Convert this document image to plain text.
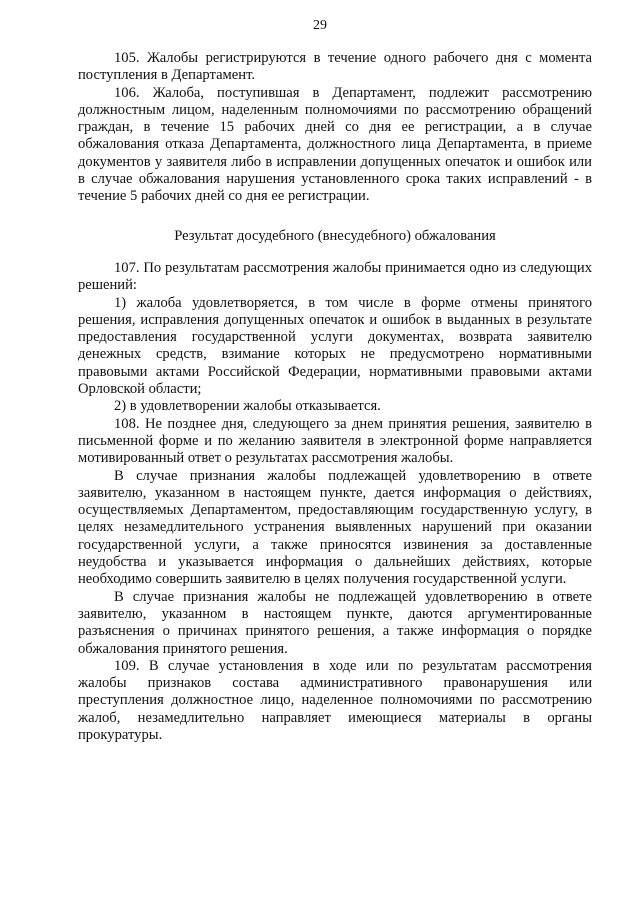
29

105. Жалобы регистрируются в течение одного рабочего дня с момента поступления в Департамент.

106. Жалоба, поступившая в Департамент, подлежит рассмотрению должностным лицом, наделенным полномочиями по рассмотрению обращений граждан, в течение 15 рабочих дней со дня ее регистрации, а в случае обжалования отказа Департамента, должностного лица Департамента, в приеме документов у заявителя либо в исправлении допущенных опечаток и ошибок или в случае обжалования нарушения установленного срока таких исправлений - в течение 5 рабочих дней со дня ее регистрации.

Результат досудебного (внесудебного) обжалования

107. По результатам рассмотрения жалобы принимается одно из следующих решений:

1) жалоба удовлетворяется, в том числе в форме отмены принятого решения, исправления допущенных опечаток и ошибок в выданных в результате предоставления государственной услуги документах, возврата заявителю денежных средств, взимание которых не предусмотрено нормативными правовыми актами Российской Федерации, нормативными правовыми актами Орловской области;

2) в удовлетворении жалобы отказывается.

108. Не позднее дня, следующего за днем принятия решения, заявителю в письменной форме и по желанию заявителя в электронной форме направляется мотивированный ответ о результатах рассмотрения жалобы.

В случае признания жалобы подлежащей удовлетворению в ответе заявителю, указанном в настоящем пункте, дается информация о действиях, осуществляемых Департаментом, предоставляющим государственную услугу, в целях незамедлительного устранения выявленных нарушений при оказании государственной услуги, а также приносятся извинения за доставленные неудобства и указывается информация о дальнейших действиях, которые необходимо совершить заявителю в целях получения государственной услуги.

В случае признания жалобы не подлежащей удовлетворению в ответе заявителю, указанном в настоящем пункте, даются аргументированные разъяснения о причинах принятого решения, а также информация о порядке обжалования принятого решения.

109. В случае установления в ходе или по результатам рассмотрения жалобы признаков состава административного правонарушения или преступления должностное лицо, наделенное полномочиями по рассмотрению жалоб, незамедлительно направляет имеющиеся материалы в органы прокуратуры.
